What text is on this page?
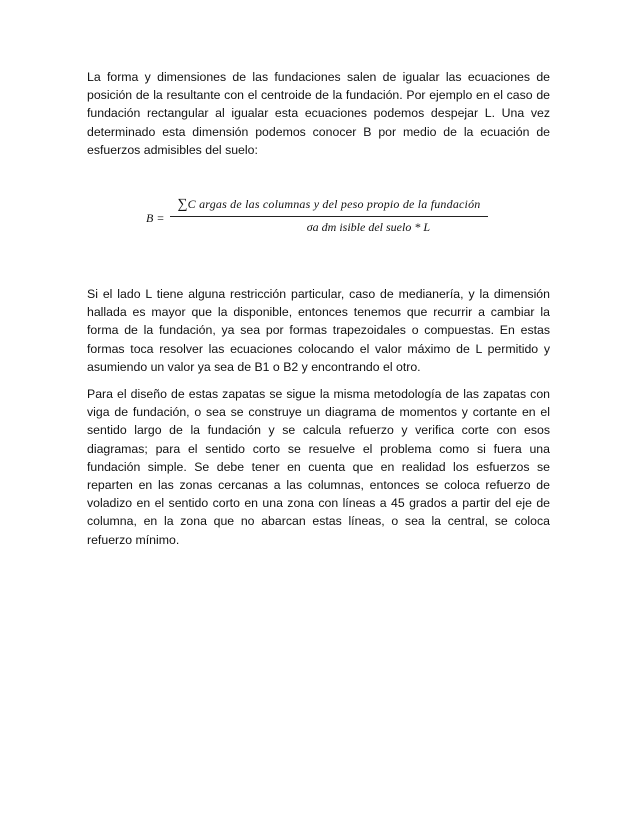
La forma y dimensiones de las fundaciones salen de igualar las ecuaciones de posición de la resultante con el centroide de la fundación. Por ejemplo en el caso de fundación rectangular al igualar esta ecuaciones podemos despejar L. Una vez determinado esta dimensión podemos conocer B por medio de la ecuación de esfuerzos admisibles del suelo:

B =
∑C argas de las columnas y del peso propio de la fundación
σa dm isible del suelo * L

Si el lado L tiene alguna restricción particular, caso de medianería, y la dimensión hallada es mayor que la disponible, entonces tenemos que recurrir a cambiar la forma de la fundación, ya sea por formas trapezoidales o compuestas. En estas formas toca resolver las ecuaciones colocando el valor máximo de L permitido y asumiendo un valor ya sea de B1 o B2 y encontrando el otro.

Para el diseño de estas zapatas se sigue la misma metodología de las zapatas con viga de fundación, o sea se construye un diagrama de momentos y cortante en el sentido largo de la fundación y se calcula refuerzo y verifica corte con esos diagramas; para el sentido corto se resuelve el problema como si fuera una fundación simple. Se debe tener en cuenta que en realidad los esfuerzos se reparten en las zonas cercanas a las columnas, entonces se coloca refuerzo de voladizo en el sentido corto en una zona con líneas a 45 grados a partir del eje de columna, en la zona que no abarcan estas líneas, o sea la central, se coloca refuerzo mínimo.
